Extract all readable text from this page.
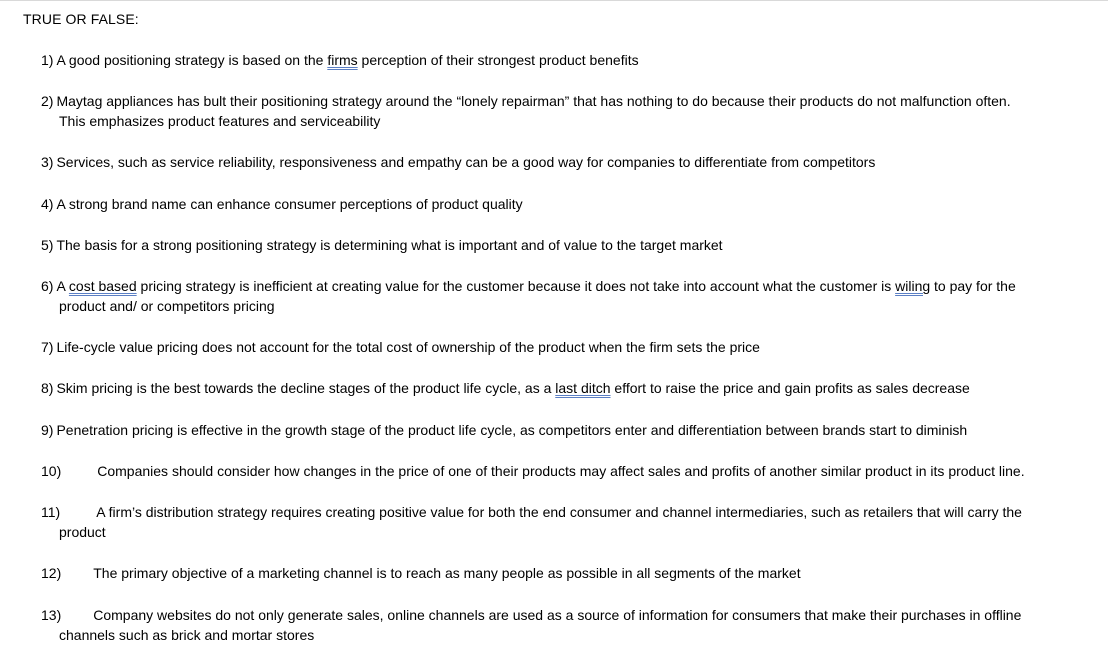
TRUE OR FALSE:
1) A good positioning strategy is based on the firms perception of their strongest product benefits
2) Maytag appliances has bult their positioning strategy around the “lonely repairman” that has nothing to do because their products do not malfunction often.
This emphasizes product features and serviceability
3) Services, such as service reliability, responsiveness and empathy can be a good way for companies to differentiate from competitors
4) A strong brand name can enhance consumer perceptions of product quality
5) The basis for a strong positioning strategy is determining what is important and of value to the target market
6) A cost based pricing strategy is inefficient at creating value for the customer because it does not take into account what the customer is wiling to pay for the
product and/ or competitors pricing
7) Life-cycle value pricing does not account for the total cost of ownership of the product when the firm sets the price
8) Skim pricing is the best towards the decline stages of the product life cycle, as a last ditch effort to raise the price and gain profits as sales decrease
9) Penetration pricing is effective in the growth stage of the product life cycle, as competitors enter and differentiation between brands start to diminish
10)	Companies should consider how changes in the price of one of their products may affect sales and profits of another similar product in its product line.
11)	A firm’s distribution strategy requires creating positive value for both the end consumer and channel intermediaries, such as retailers that will carry the
product
12) The primary objective of a marketing channel is to reach as many people as possible in all segments of the market
13) Company websites do not only generate sales, online channels are used as a source of information for consumers that make their purchases in offline
channels such as brick and mortar stores
